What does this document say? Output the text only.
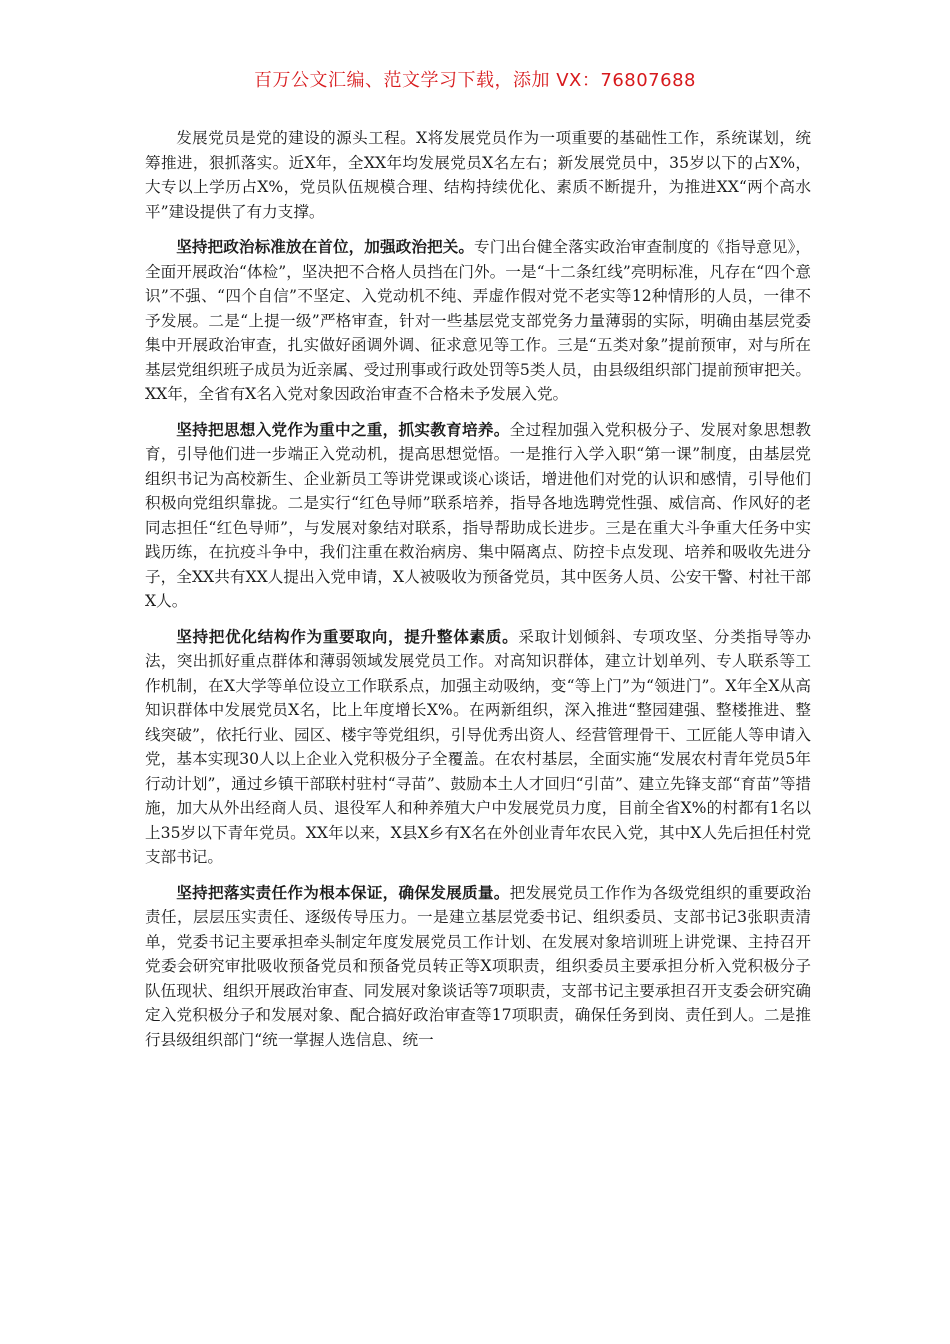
百万公文汇编、范文学习下载，添加 VX：76807688

发展党员是党的建设的源头工程。X将发展党员作为一项重要的基础性工作，系统谋划，统筹推进，狠抓落实。近X年，全XX年均发展党员X名左右；新发展党员中，35岁以下的占X%，大专以上学历占X%，党员队伍规模合理、结构持续优化、素质不断提升，为推进XX“两个高水平”建设提供了有力支撑。

坚持把政治标准放在首位，加强政治把关。专门出台健全落实政治审查制度的《指导意见》，全面开展政治“体检”，坚决把不合格人员挡在门外。一是“十二条红线”亮明标准，凡存在“四个意识”不强、“四个自信”不坚定、入党动机不纯、弄虚作假对党不老实等12种情形的人员，一律不予发展。二是“上提一级”严格审查，针对一些基层党支部党务力量薄弱的实际，明确由基层党委集中开展政治审查，扎实做好函调外调、征求意见等工作。三是“五类对象”提前预审，对与所在基层党组织班子成员为近亲属、受过刑事或行政处罚等5类人员，由县级组织部门提前预审把关。XX年，全省有X名入党对象因政治审查不合格未予发展入党。

坚持把思想入党作为重中之重，抓实教育培养。全过程加强入党积极分子、发展对象思想教育，引导他们进一步端正入党动机，提高思想觉悟。一是推行入学入职“第一课”制度，由基层党组织书记为高校新生、企业新员工等讲党课或谈心谈话，增进他们对党的认识和感情，引导他们积极向党组织靠拢。二是实行“红色导师”联系培养，指导各地选聘党性强、威信高、作风好的老同志担任“红色导师”，与发展对象结对联系，指导帮助成长进步。三是在重大斗争重大任务中实践历练，在抗疫斗争中，我们注重在救治病房、集中隔离点、防控卡点发现、培养和吸收先进分子，全XX共有XX人提出入党申请，X人被吸收为预备党员，其中医务人员、公安干警、村社干部X人。

坚持把优化结构作为重要取向，提升整体素质。采取计划倾斜、专项攻坚、分类指导等办法，突出抓好重点群体和薄弱领域发展党员工作。对高知识群体，建立计划单列、专人联系等工作机制，在X大学等单位设立工作联系点，加强主动吸纳，变“等上门”为“领进门”。X年全X从高知识群体中发展党员X名，比上年度增长X%。在两新组织，深入推进“整园建强、整楼推进、整线突破”，依托行业、园区、楼宇等党组织，引导优秀出资人、经营管理骨干、工匠能人等申请入党，基本实现30人以上企业入党积极分子全覆盖。在农村基层，全面实施“发展农村青年党员5年行动计划”，通过乡镇干部联村驻村“寻苗”、鼓励本土人才回归“引苗”、建立先锋支部“育苗”等措施，加大从外出经商人员、退役军人和种养殖大户中发展党员力度，目前全省X%的村都有1名以上35岁以下青年党员。XX年以来，X县X乡有X名在外创业青年农民入党，其中X人先后担任村党支部书记。

坚持把落实责任作为根本保证，确保发展质量。把发展党员工作作为各级党组织的重要政治责任，层层压实责任、逐级传导压力。一是建立基层党委书记、组织委员、支部书记3张职责清单，党委书记主要承担牵头制定年度发展党员工作计划、在发展对象培训班上讲党课、主持召开党委会研究审批吸收预备党员和预备党员转正等X项职责，组织委员主要承担分析入党积极分子队伍现状、组织开展政治审查、同发展对象谈话等7项职责，支部书记主要承担召开支委会研究确定入党积极分子和发展对象、配合搞好政治审查等17项职责，确保任务到岗、责任到人。二是推行县级组织部门“统一掌握人选信息、统一
